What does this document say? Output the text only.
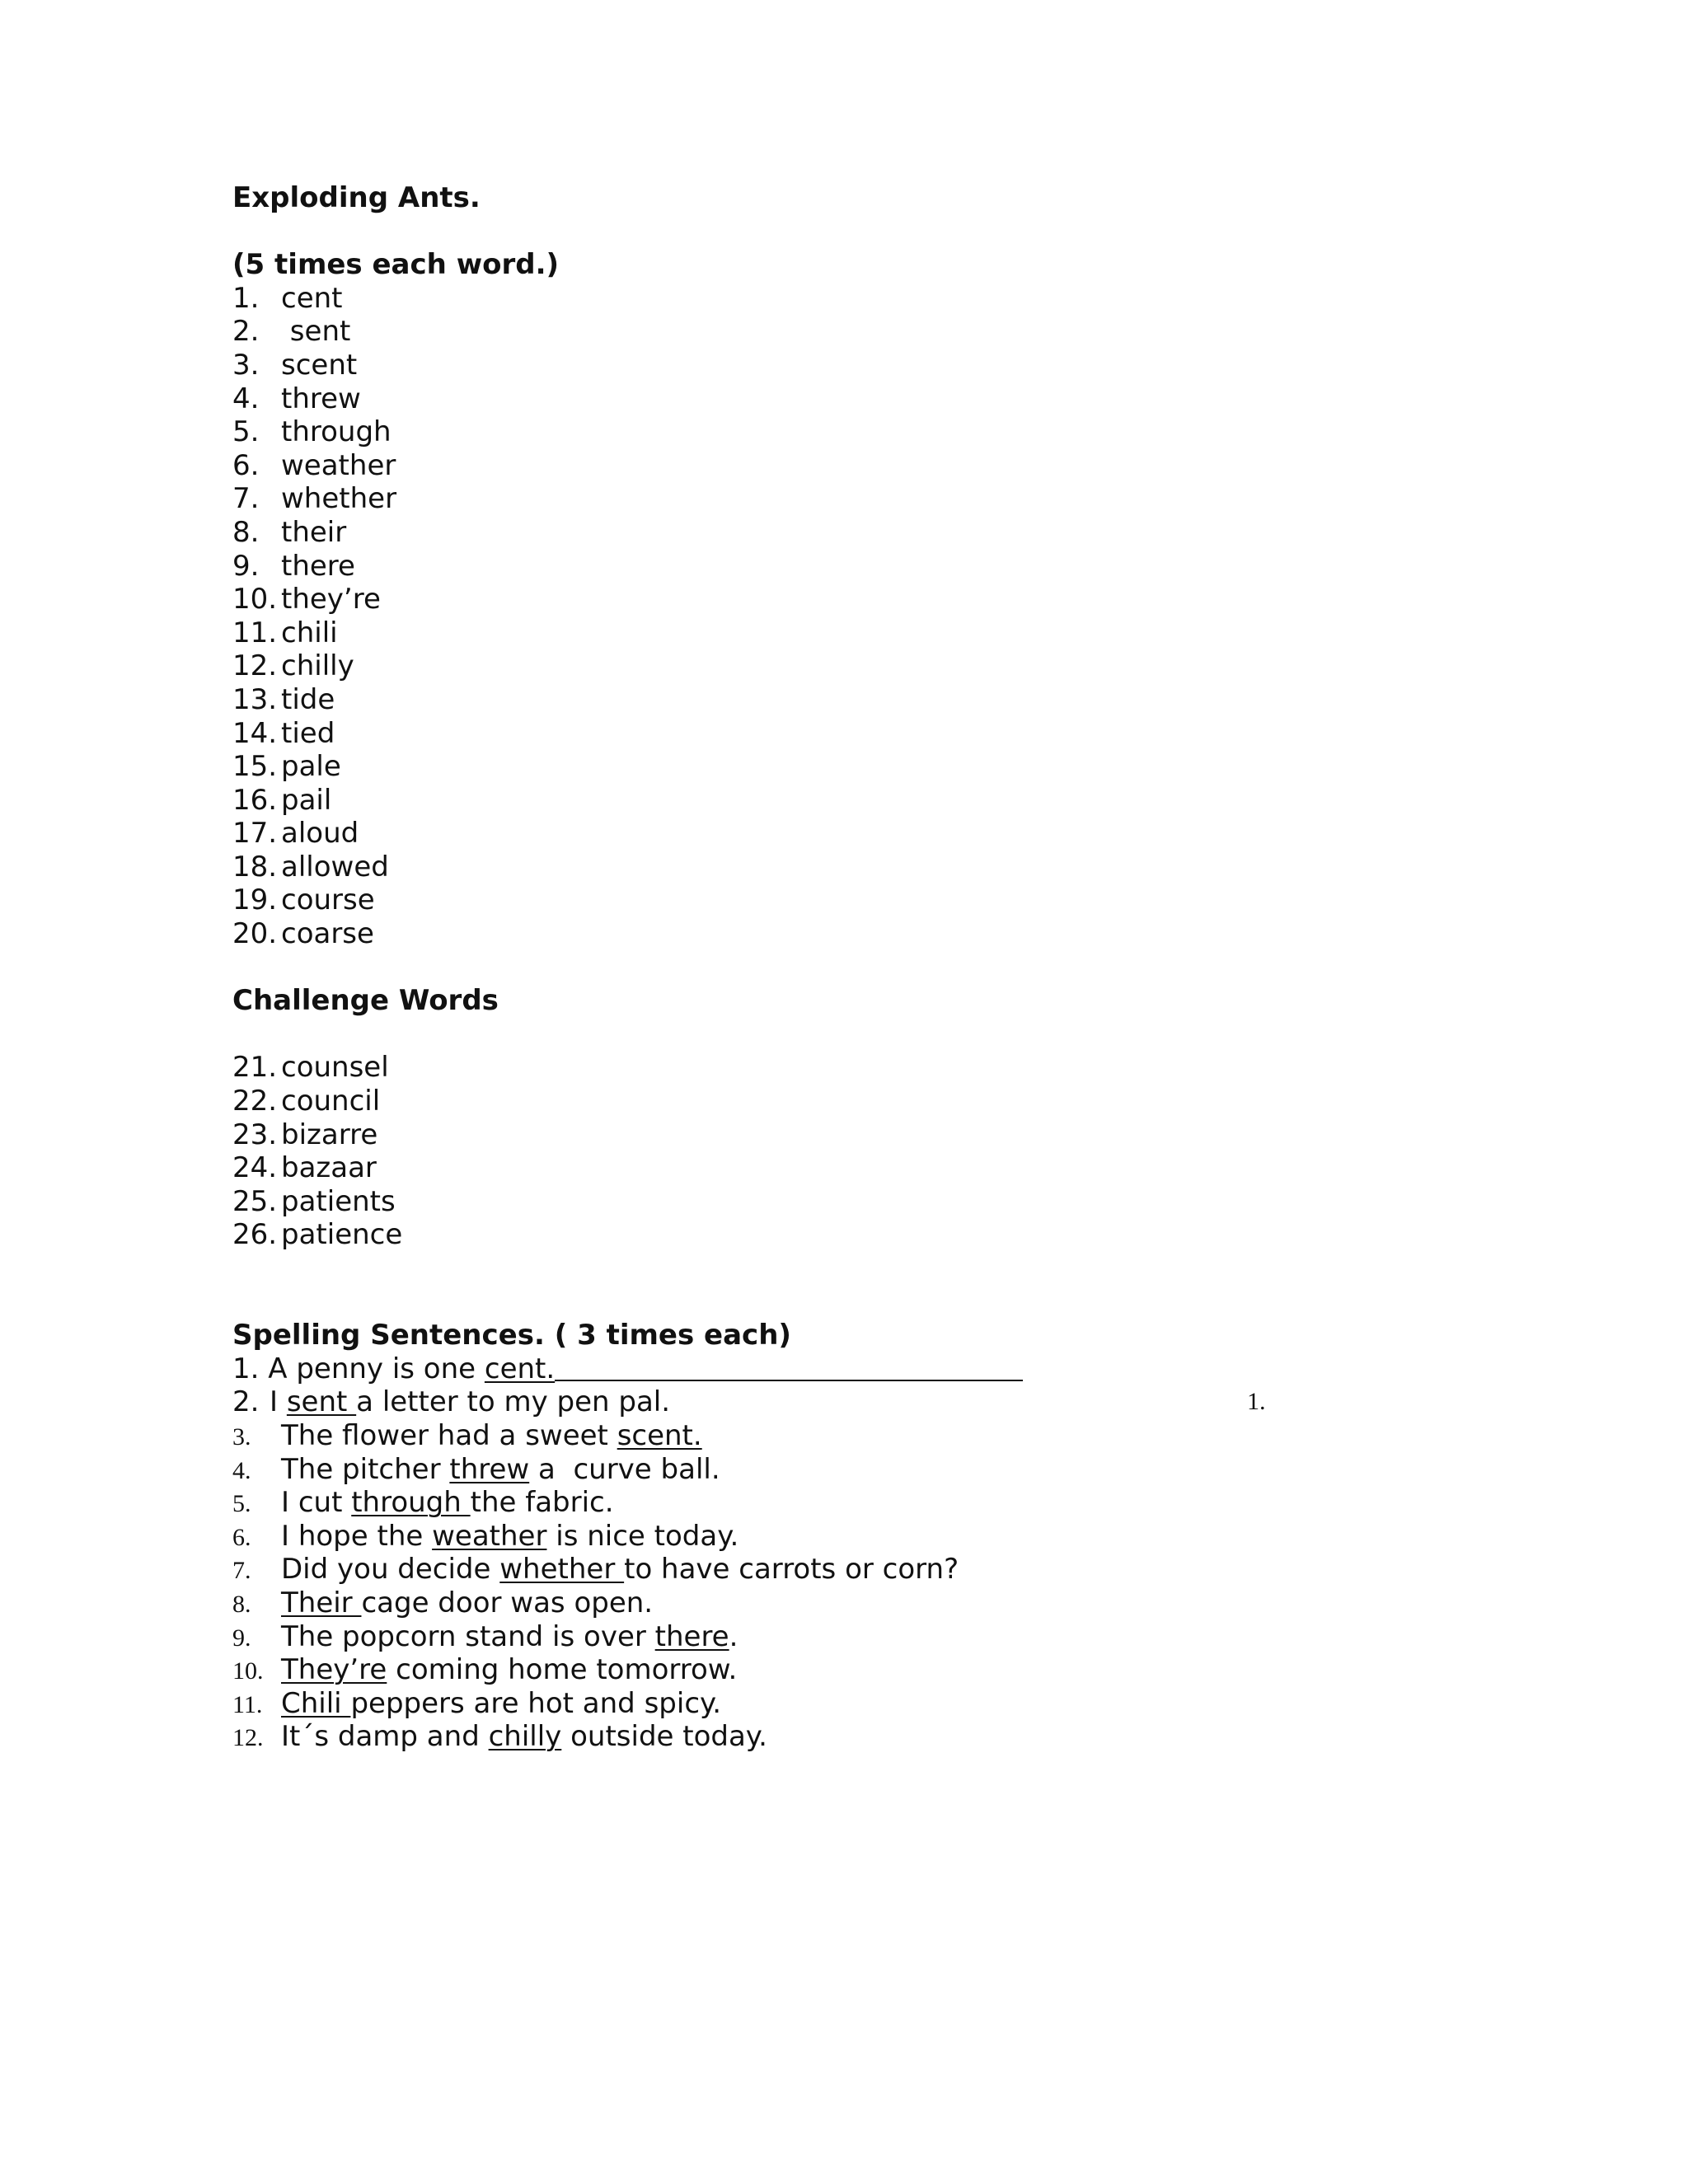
Exploding Ants.
(5 times each word.)
1. cent
2. sent
3. scent
4. threw
5. through
6. weather
7. whether
8. their
9. there
10. they’re
11. chili
12. chilly
13. tide
14. tied
15. pale
16. pail
17. aloud
18. allowed
19. course
20. coarse
Challenge Words
21. counsel
22. council
23. bizarre
24. bazaar
25. patients
26. patience
Spelling Sentences. ( 3 times each)
1. A penny is one cent.
2. I sent a letter to my pen pal.	1.
3.	The flower had a sweet scent.
4.	The pitcher threw a  curve ball.
5.	I cut through the fabric.
6.	I hope the weather is nice today.
7.	Did you decide whether to have carrots or corn?
8.	Their cage door was open.
9.	The popcorn stand is over there .
10. They’re coming home tomorrow.
11. Chili peppers are hot and spicy.
12. It´s damp and chilly outside today.
